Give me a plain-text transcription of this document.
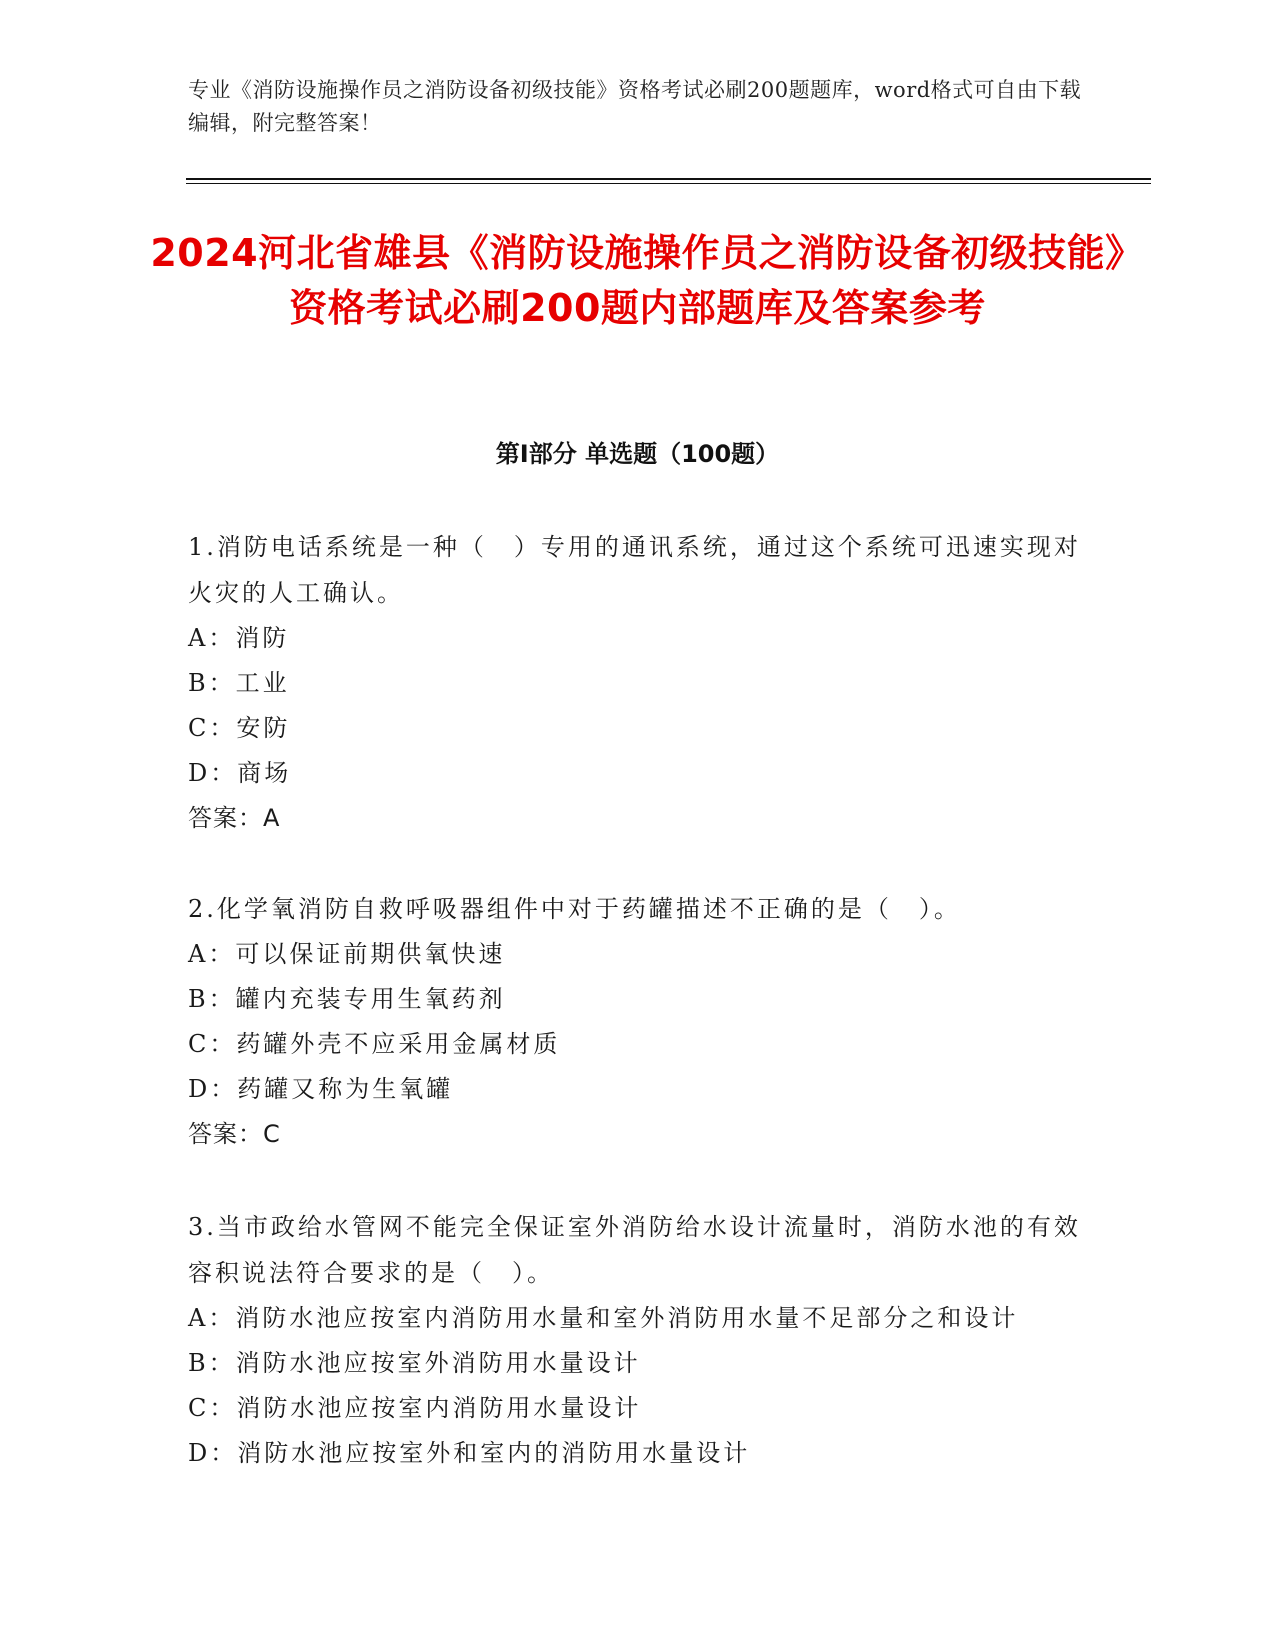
专业《消防设施操作员之消防设备初级技能》资格考试必刷200题题库，word格式可自由下载编辑，附完整答案！
2024河北省雄县《消防设施操作员之消防设备初级技能》资格考试必刷200题内部题库及答案参考
第Ⅰ部分 单选题（100题）
1.消防电话系统是一种（　）专用的通讯系统，通过这个系统可迅速实现对火灾的人工确认。
A：消防
B：工业
C：安防
D：商场
答案：A
2.化学氧消防自救呼吸器组件中对于药罐描述不正确的是（　）。
A：可以保证前期供氧快速
B：罐内充装专用生氧药剂
C：药罐外壳不应采用金属材质
D：药罐又称为生氧罐
答案：C
3.当市政给水管网不能完全保证室外消防给水设计流量时，消防水池的有效容积说法符合要求的是（　）。
A：消防水池应按室内消防用水量和室外消防用水量不足部分之和设计
B：消防水池应按室外消防用水量设计
C：消防水池应按室内消防用水量设计
D：消防水池应按室外和室内的消防用水量设计
